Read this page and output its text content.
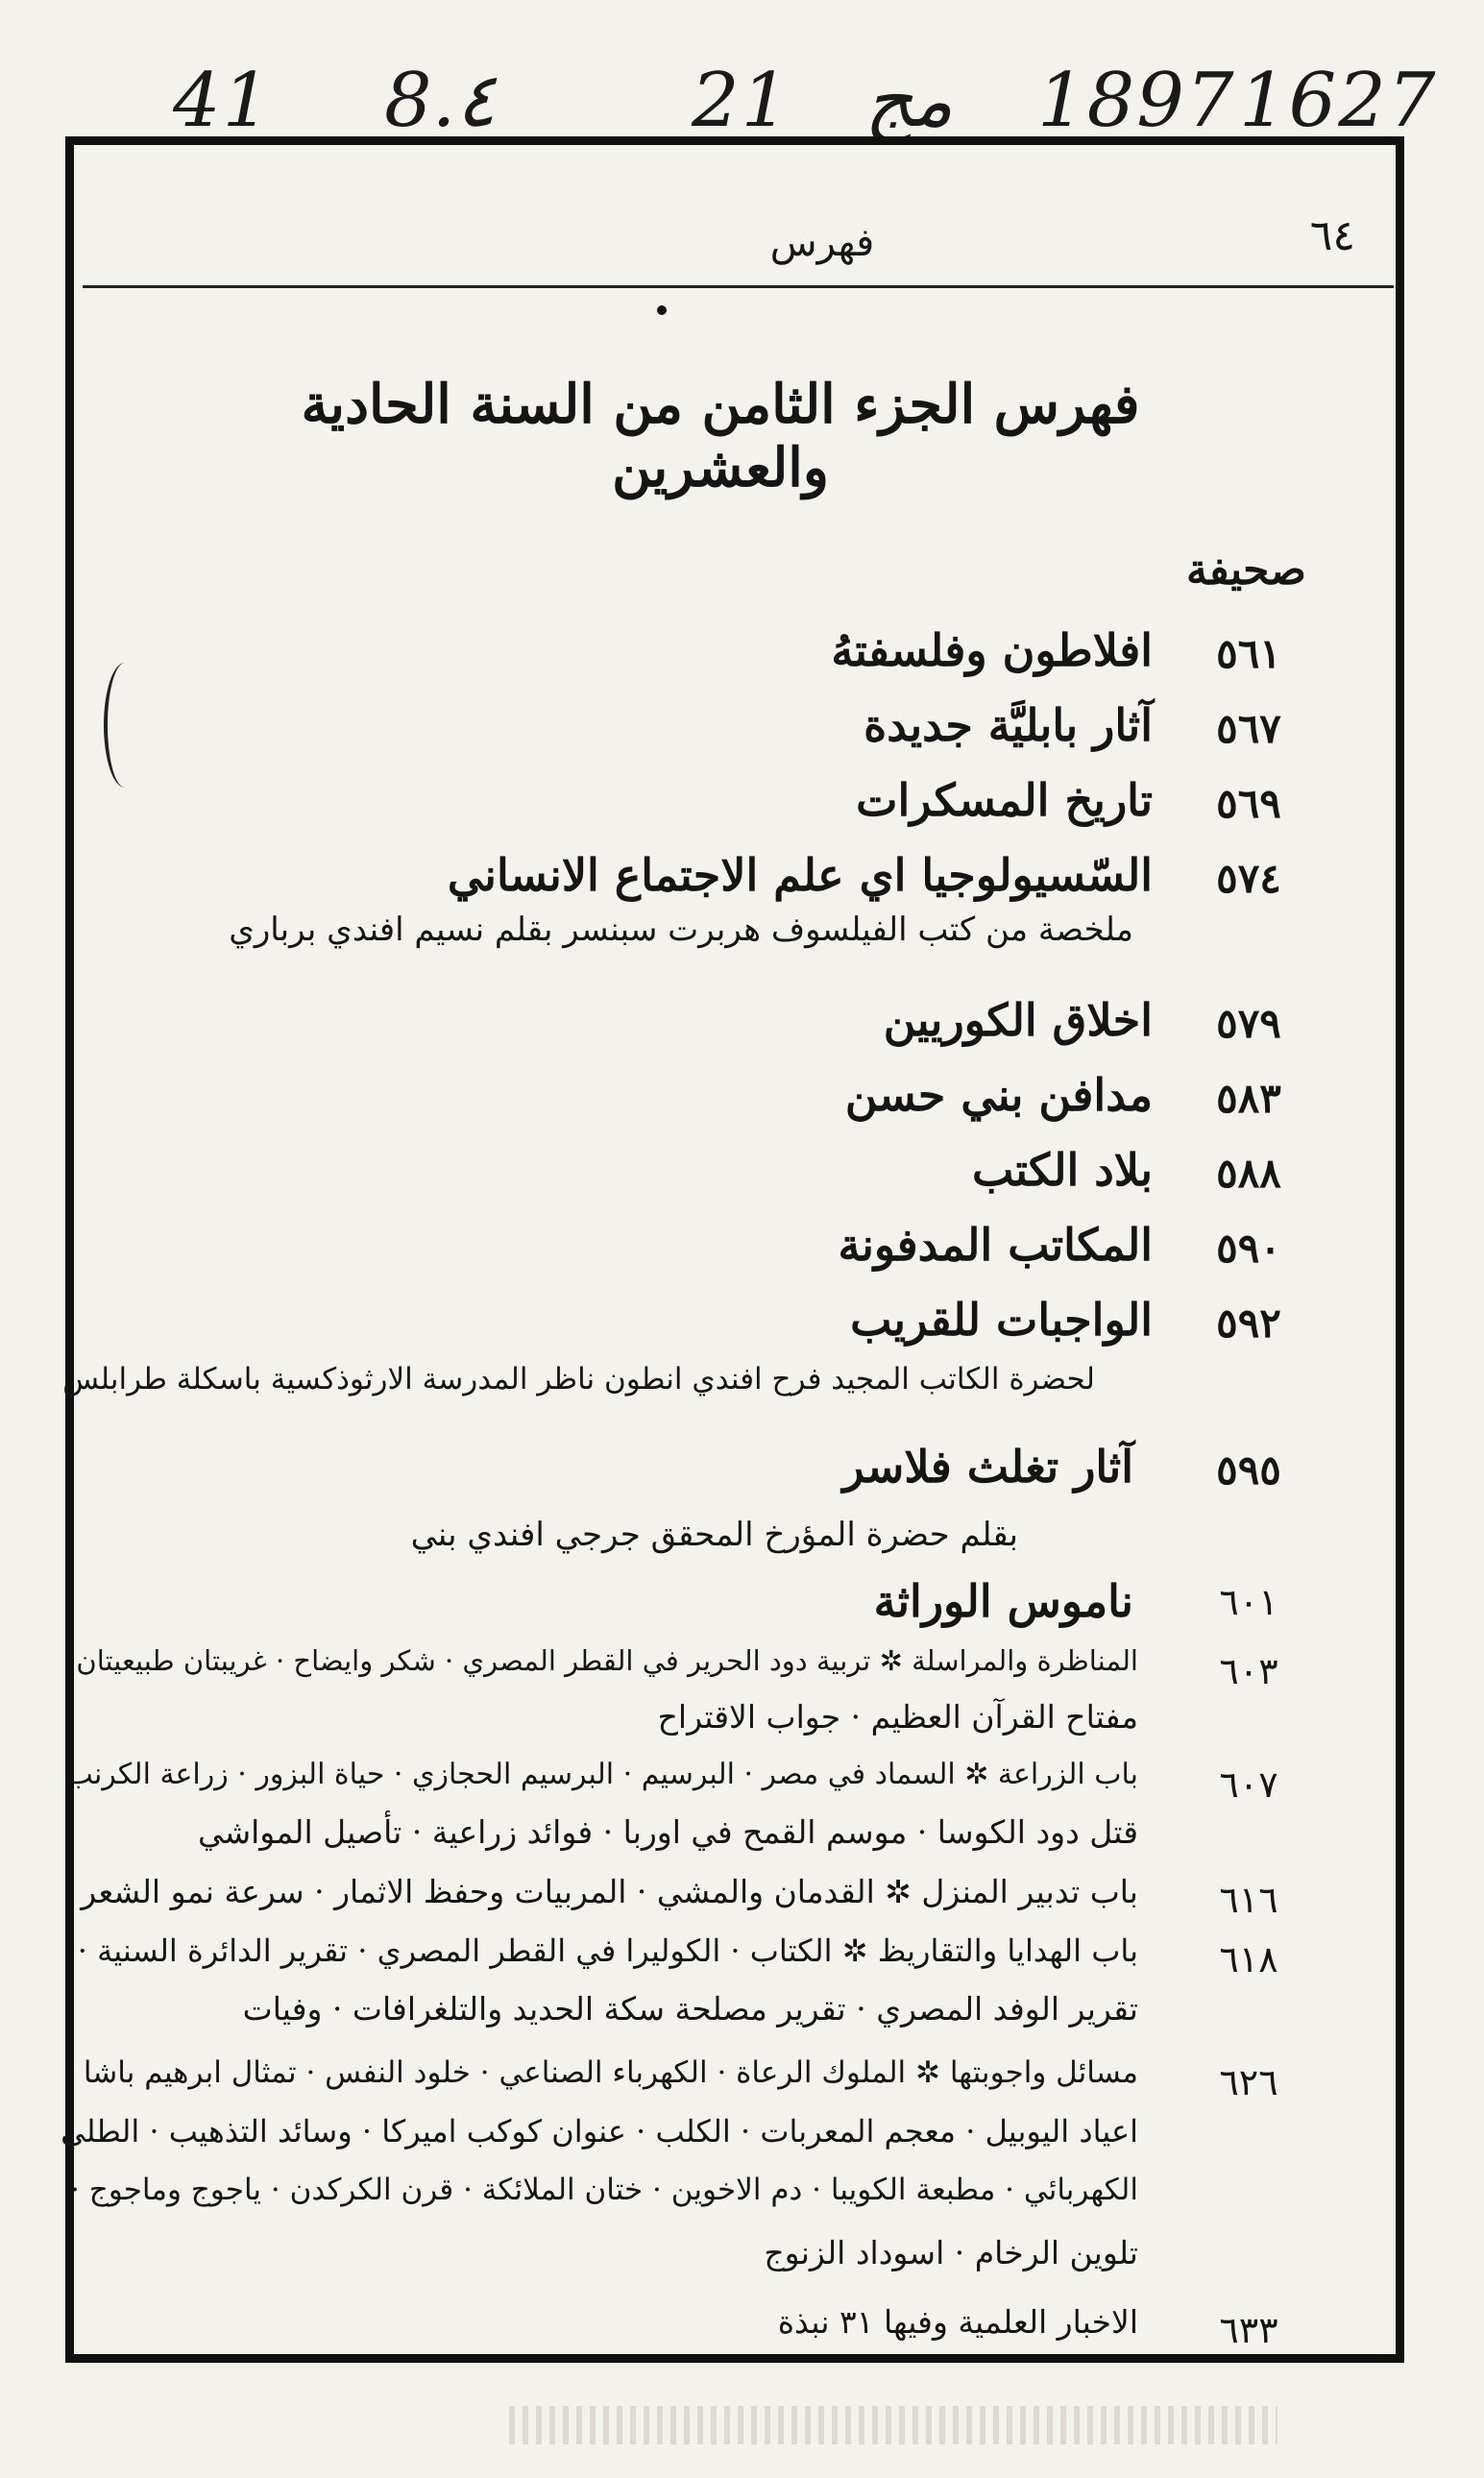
41 8.٤	21 مج 1897 1627
فهرس	٦٤
فهرس الجزء الثامن من السنة الحادية والعشرين
صحيفة
٥٦١
افلاطون وفلسفتهُ
٥٦٧
آثار بابليَّة جديدة
٥٦٩
تاريخ المسكرات
٥٧٤
السّسيولوجيا اي علم الاجتماع الانساني
ملخصة من كتب الفيلسوف هربرت سبنسر بقلم نسيم افندي برباري
٥٧٩
اخلاق الكوريين
٥٨٣
مدافن بني حسن
٥٨٨
بلاد الكتب
٥٩٠
المكاتب المدفونة
٥٩٢
الواجبات للقريب
لحضرة الكاتب المجيد فرح افندي انطون ناظر المدرسة الارثوذكسية باسكلة طرابلس
٥٩٥
آثار تغلث فلاسر
بقلم حضرة المؤرخ المحقق جرجي افندي بني
٦٠١
ناموس الوراثة
٦٠٣
المناظرة والمراسلة ✲ تربية دود الحرير في القطر المصري · شكر وايضاح · غريبتان طبيعيتان
مفتاح القرآن العظيم · جواب الاقتراح
٦٠٧
باب الزراعة ✲ السماد في مصر · البرسيم · البرسيم الحجازي · حياة البزور · زراعة الكرنب
قتل دود الكوسا · موسم القمح في اوربا · فوائد زراعية · تأصيل المواشي
٦١٦
باب تدبير المنزل ✲ القدمان والمشي · المربيات وحفظ الاثمار · سرعة نمو الشعر
٦١٨
باب الهدايا والتقاريظ ✲ الكتاب · الكوليرا في القطر المصري · تقرير الدائرة السنية ·
تقرير الوفد المصري · تقرير مصلحة سكة الحديد والتلغرافات · وفيات
٦٢٦
مسائل واجوبتها ✲ الملوك الرعاة · الكهرباء الصناعي · خلود النفس · تمثال ابرهيم باشا ·
اعياد اليوبيل · معجم المعربات · الكلب · عنوان كوكب اميركا · وسائد التذهيب · الطلي
الكهربائي · مطبعة الكويبا · دم الاخوين · ختان الملائكة · قرن الكركدن · ياجوج وماجوج ·
تلوين الرخام · اسوداد الزنوج
٦٣٣
الاخبار العلمية وفيها ٣١ نبذة
